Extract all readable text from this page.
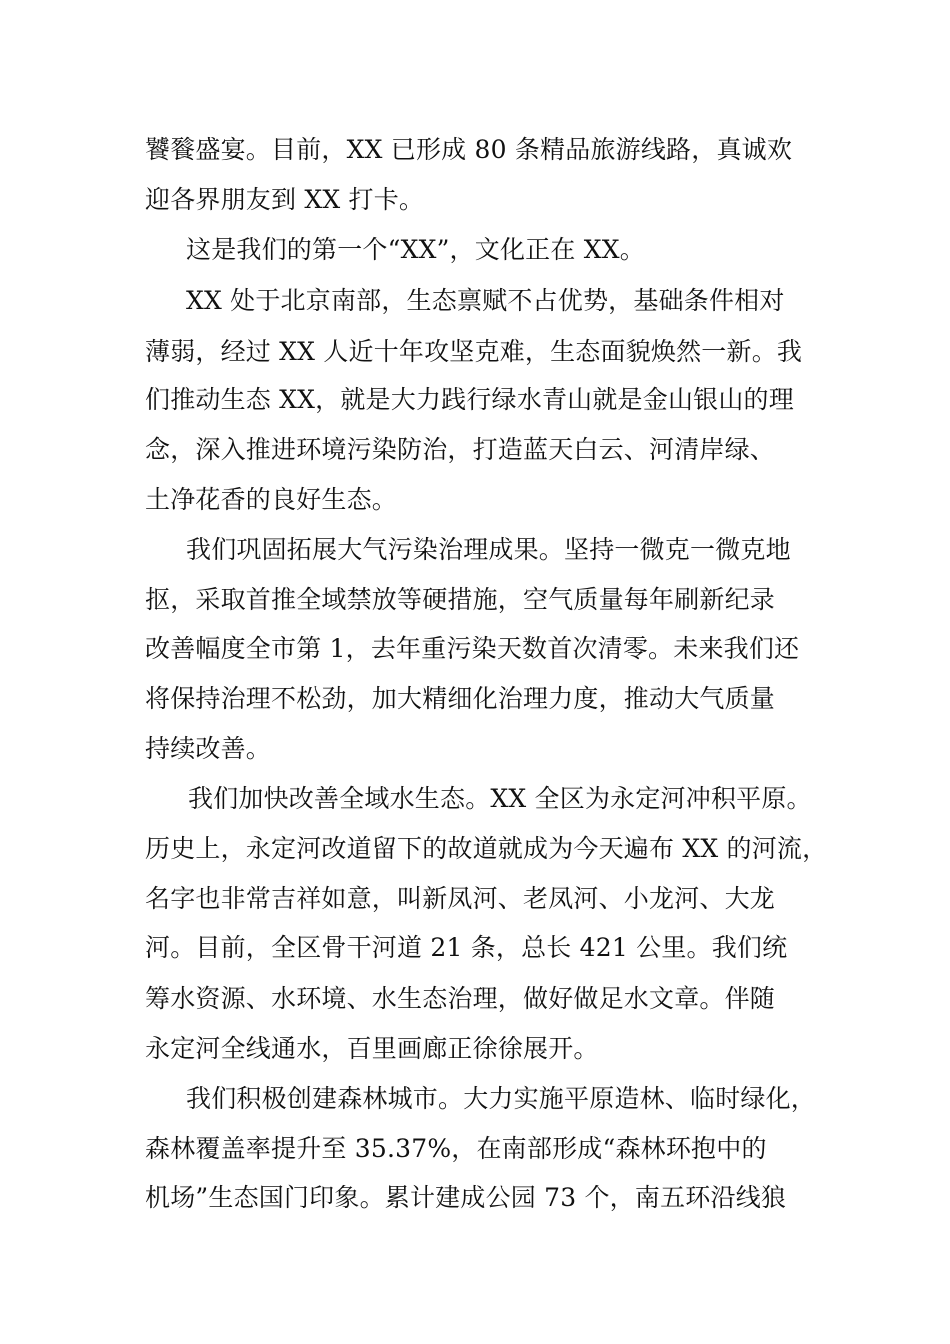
饕餮盛宴。目前，XX 已形成 80 条精品旅游线路，真诚欢
迎各界朋友到 XX 打卡。
这是我们的第一个“XX”，文化正在 XX。
XX 处于北京南部，生态禀赋不占优势，基础条件相对
薄弱，经过 XX 人近十年攻坚克难，生态面貌焕然一新。我
们推动生态 XX，就是大力践行绿水青山就是金山银山的理
念，深入推进环境污染防治，打造蓝天白云、河清岸绿、
土净花香的良好生态。
我们巩固拓展大气污染治理成果。坚持一微克一微克地
抠，采取首推全域禁放等硬措施，空气质量每年刷新纪录
改善幅度全市第 1，去年重污染天数首次清零。未来我们还
将保持治理不松劲，加大精细化治理力度，推动大气质量
持续改善。
我们加快改善全域水生态。XX 全区为永定河冲积平原。
历史上，永定河改道留下的故道就成为今天遍布 XX 的河流，
名字也非常吉祥如意，叫新凤河、老凤河、小龙河、大龙
河。目前，全区骨干河道 21 条，总长 421 公里。我们统
筹水资源、水环境、水生态治理，做好做足水文章。伴随
永定河全线通水，百里画廊正徐徐展开。
我们积极创建森林城市。大力实施平原造林、临时绿化，
森林覆盖率提升至 35.37%，在南部形成“森林环抱中的
机场”生态国门印象。累计建成公园 73 个，南五环沿线狼
